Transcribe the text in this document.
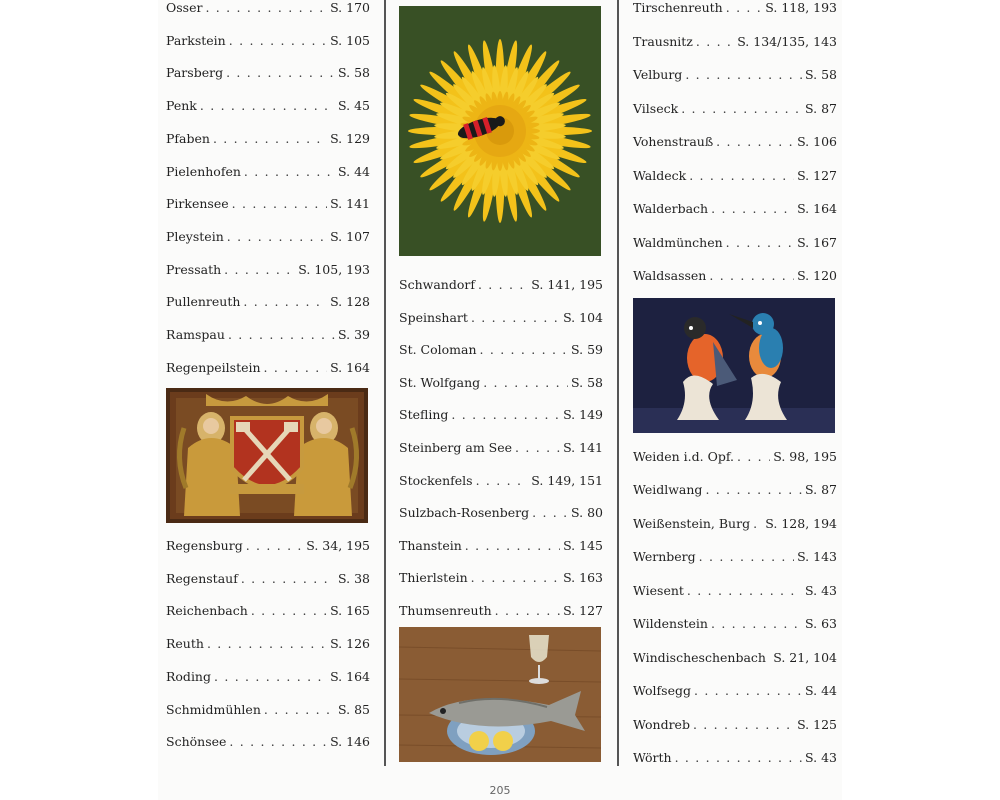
Osser . . .	S. 170
Parkstein . . .	S. 105
Parsberg . . .	S. 58
Penk . . .	S. 45
Pfaben . . .	S. 129
Pielenhofen . . .	S. 44
Pirkensee . . .	S. 141
Pleystein . . .	S. 107
Pressath . . .	S. 105, 193
Pullenreuth . . .	S. 128
Ramspau . . .	S. 39
Regenpeilstein . . .	S. 164
Regensburg . . .	S. 34, 195
Regenstauf . . .	S. 38
Reichenbach . . .	S. 165
Reuth . . .	S. 126
Roding . . .	S. 164
Schmidmühlen . . .	S. 85
Schönsee . . .	S. 146
Schwandorf . . .	S. 141, 195
Speinshart . . .	S. 104
St. Coloman . . .	S. 59
St. Wolfgang . . .	S. 58
Stefling . . .	S. 149
Steinberg am See . . .	S. 141
Stockenfels . . .	S. 149, 151
Sulzbach-Rosenberg . . .	S. 80
Thanstein . . .	S. 145
Thierlstein . . .	S. 163
Thumsenreuth . . .	S. 127
Tirschenreuth . . .	S. 118, 193
Trausnitz . . .	S. 134/135, 143
Velburg . . .	S. 58
Vilseck . . .	S. 87
Vohenstrauß . . .	S. 106
Waldeck . . .	S. 127
Walderbach . . .	S. 164
Waldmünchen . . .	S. 167
Waldsassen . . .	S. 120
Weiden i.d. Opf. . . .	S. 98, 195
Weidlwang . . .	S. 87
Weißenstein, Burg . . . S. 128, 194
Wernberg . . .	S. 143
Wiesent . . .	S. 43
Wildenstein . . .	S. 63
Windischeschenbach . . . S. 21, 104
Wolfsegg . . .	S. 44
Wondreb . . .	S. 125
Wörth . . .	S. 43
205
